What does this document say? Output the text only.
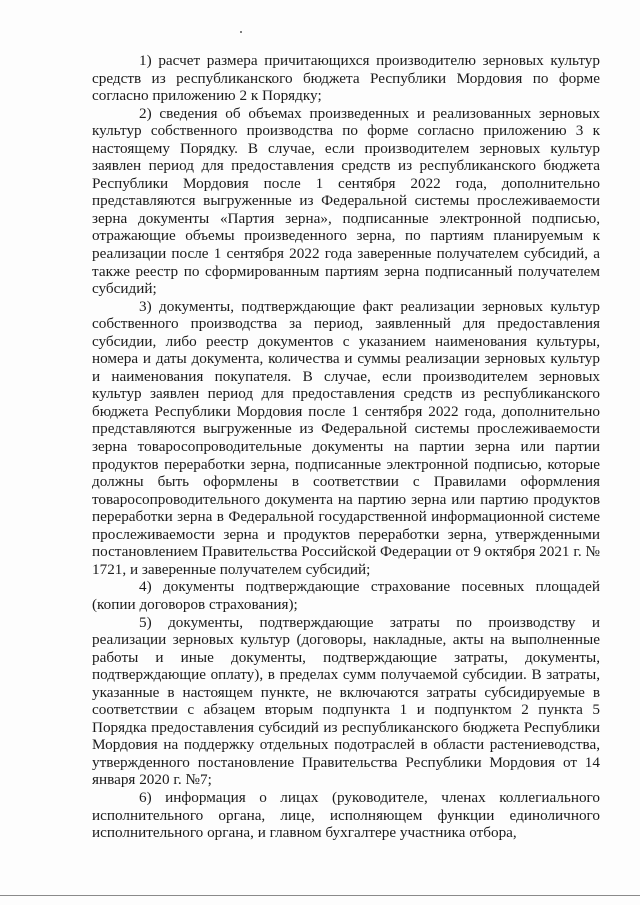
1) расчет размера причитающихся производителю зерновых культур средств из республиканского бюджета Республики Мордовия по форме согласно приложению 2 к Порядку;

2) сведения об объемах произведенных и реализованных зерновых культур собственного производства по форме согласно приложению 3 к настоящему Порядку. В случае, если производителем зерновых культур заявлен период для предоставления средств из республиканского бюджета Республики Мордовия после 1 сентября 2022 года, дополнительно представляются выгруженные из Федеральной системы прослеживаемости зерна документы «Партия зерна», подписанные электронной подписью, отражающие объемы произведенного зерна, по партиям планируемым к реализации после 1 сентября 2022 года заверенные получателем субсидий, а также реестр по сформированным партиям зерна подписанный получателем субсидий;

3) документы, подтверждающие факт реализации зерновых культур собственного производства за период, заявленный для предоставления субсидии, либо реестр документов с указанием наименования культуры, номера и даты документа, количества и суммы реализации зерновых культур и наименования покупателя. В случае, если производителем зерновых культур заявлен период для предоставления средств из республиканского бюджета Республики Мордовия после 1 сентября 2022 года, дополнительно представляются выгруженные из Федеральной системы прослеживаемости зерна товаросопроводительные документы на партии зерна или партии продуктов переработки зерна, подписанные электронной подписью, которые должны быть оформлены в соответствии с Правилами оформления товаросопроводительного документа на партию зерна или партию продуктов переработки зерна в Федеральной государственной информационной системе прослеживаемости зерна и продуктов переработки зерна, утвержденными постановлением Правительства Российской Федерации от 9 октября 2021 г. № 1721, и заверенные получателем субсидий;

4) документы подтверждающие страхование посевных площадей (копии договоров страхования);

5) документы, подтверждающие затраты по производству и реализации зерновых культур (договоры, накладные, акты на выполненные работы и иные документы, подтверждающие затраты, документы, подтверждающие оплату), в пределах сумм получаемой субсидии. В затраты, указанные в настоящем пункте, не включаются затраты субсидируемые в соответствии с абзацем вторым подпункта 1 и подпунктом 2 пункта 5 Порядка предоставления субсидий из республиканского бюджета Республики Мордовия на поддержку отдельных подотраслей в области растениеводства, утвержденного постановление Правительства Республики Мордовия от 14 января 2020 г. №7;

6) информация о лицах (руководителе, членах коллегиального исполнительного органа, лице, исполняющем функции единоличного исполнительного органа, и главном бухгалтере участника отбора,
